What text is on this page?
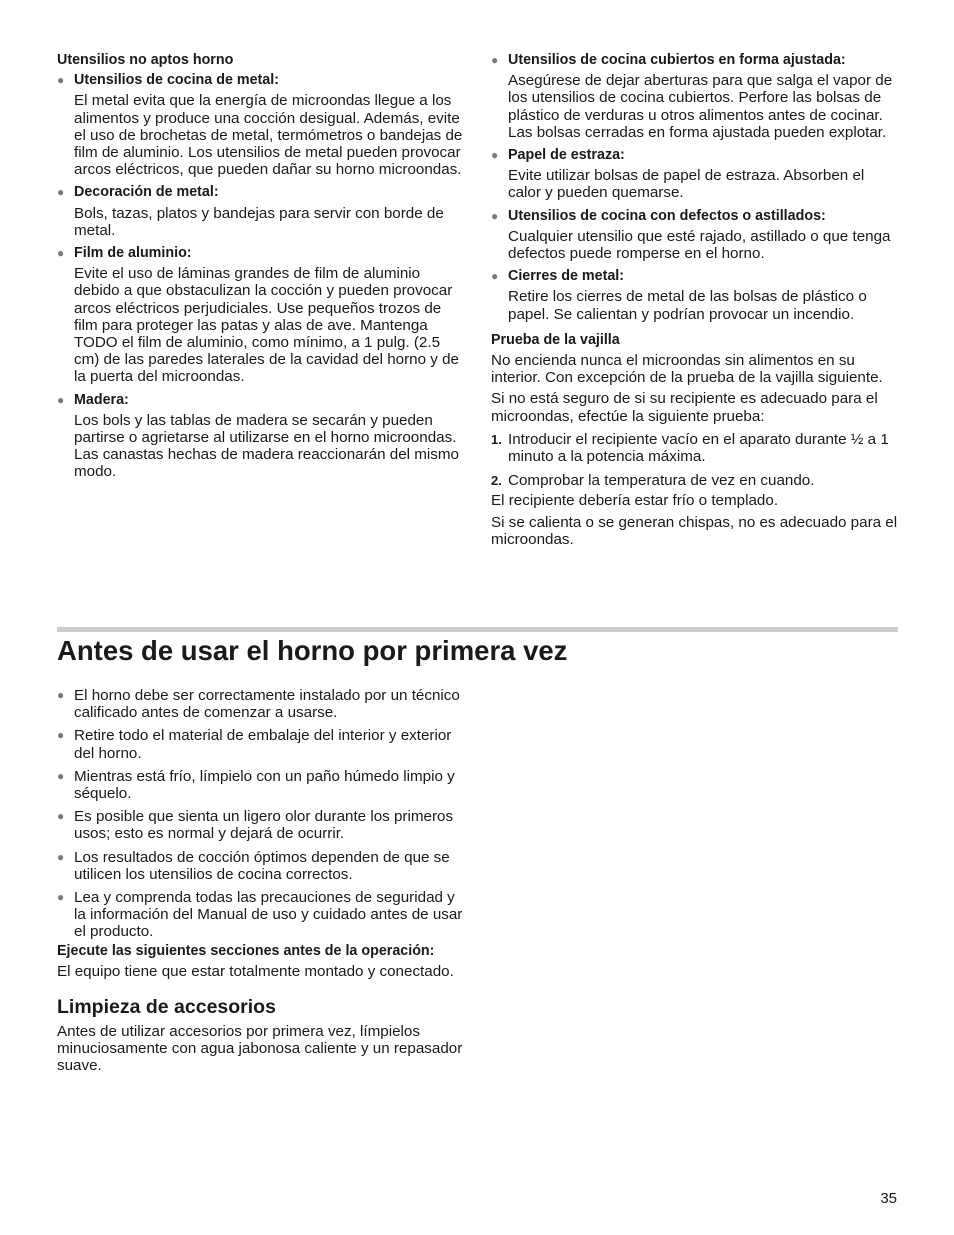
Utensilios no aptos horno
● Utensilios de cocina de metal:
El metal evita que la energía de microondas llegue a los alimentos y produce una cocción desigual. Además, evite el uso de brochetas de metal, termómetros o bandejas de film de aluminio. Los utensilios de metal pueden provocar arcos eléctricos, que pueden dañar su horno microondas.
● Decoración de metal:
Bols, tazas, platos y bandejas para servir con borde de metal.
● Film de aluminio:
Evite el uso de láminas grandes de film de aluminio debido a que obstaculizan la cocción y pueden provocar arcos eléctricos perjudiciales. Use pequeños trozos de film para proteger las patas y alas de ave. Mantenga TODO el film de aluminio, como mínimo, a 1 pulg. (2.5 cm) de las paredes laterales de la cavidad del horno y de la puerta del microondas.
● Madera:
Los bols y las tablas de madera se secarán y pueden partirse o agrietarse al utilizarse en el horno microondas. Las canastas hechas de madera reaccionarán del mismo modo.
● Utensilios de cocina cubiertos en forma ajustada:
Asegúrese de dejar aberturas para que salga el vapor de los utensilios de cocina cubiertos. Perfore las bolsas de plástico de verduras u otros alimentos antes de cocinar. Las bolsas cerradas en forma ajustada pueden explotar.
● Papel de estraza:
Evite utilizar bolsas de papel de estraza. Absorben el calor y pueden quemarse.
● Utensilios de cocina con defectos o astillados:
Cualquier utensilio que esté rajado, astillado o que tenga defectos puede romperse en el horno.
● Cierres de metal:
Retire los cierres de metal de las bolsas de plástico o papel. Se calientan y podrían provocar un incendio.
Prueba de la vajilla

No encienda nunca el microondas sin alimentos en su interior. Con excepción de la prueba de la vajilla siguiente.

Si no está seguro de si su recipiente es adecuado para el microondas, efectúe la siguiente prueba:

1. Introducir el recipiente vacío en el aparato durante ½ a 1 minuto a la potencia máxima.
2. Comprobar la temperatura de vez en cuando.

El recipiente debería estar frío o templado.

Si se calienta o se generan chispas, no es adecuado para el microondas.

Antes de usar el horno por primera vez
● El horno debe ser correctamente instalado por un técnico calificado antes de comenzar a usarse.
● Retire todo el material de embalaje del interior y exterior del horno.
● Mientras está frío, límpielo con un paño húmedo limpio y séquelo.
● Es posible que sienta un ligero olor durante los primeros usos; esto es normal y dejará de ocurrir.
● Los resultados de cocción óptimos dependen de que se utilicen los utensilios de cocina correctos.
● Lea y comprenda todas las precauciones de seguridad y la información del Manual de uso y cuidado antes de usar el producto.
Ejecute las siguientes secciones antes de la operación:

El equipo tiene que estar totalmente montado y conectado.

Limpieza de accesorios

Antes de utilizar accesorios por primera vez, límpielos minuciosamente con agua jabonosa caliente y un repasador suave.

35
